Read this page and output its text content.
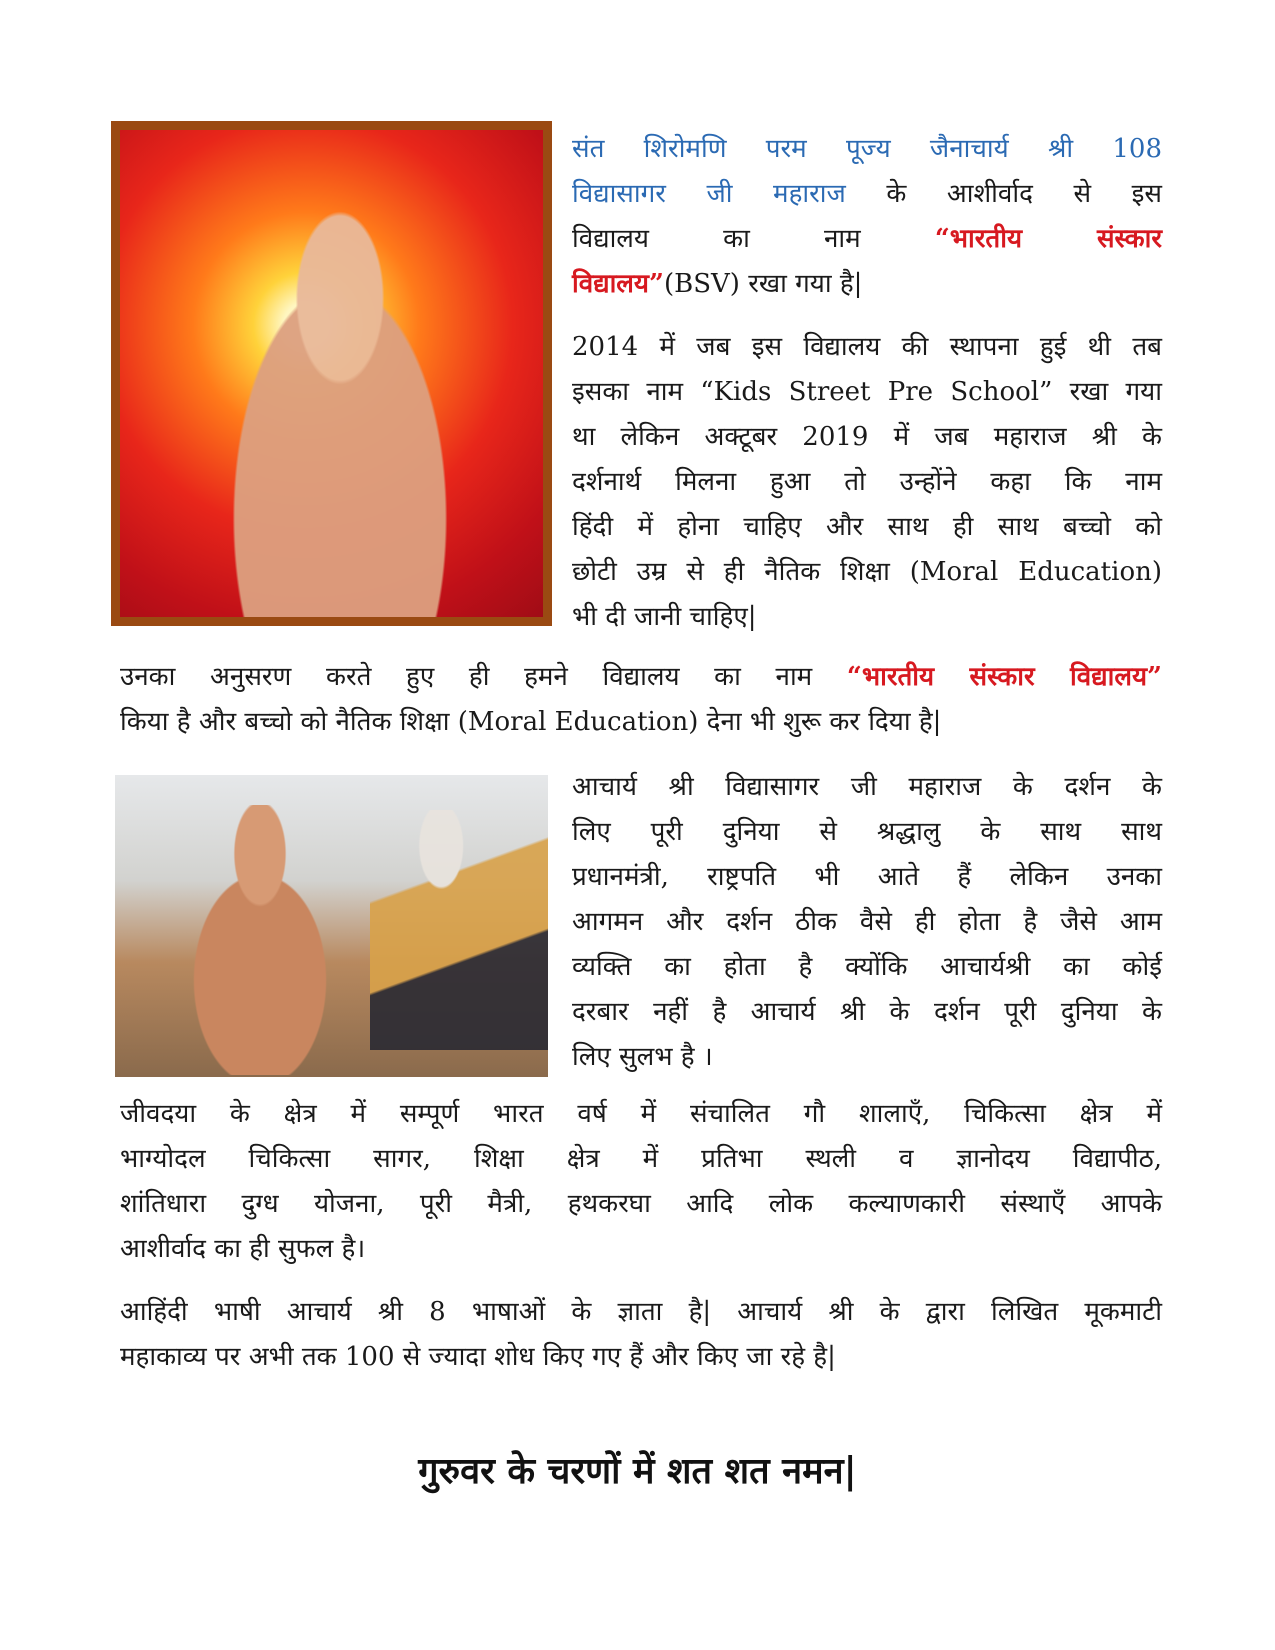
संत शिरोमणि परम पूज्य जैनाचार्य श्री 108
विद्यासागर जी महाराज के आशीर्वाद से इस
विद्यालय का नाम “भारतीय संस्कार
विद्यालय”(BSV) रखा गया है|

2014 में जब इस विद्यालय की स्थापना हुई थी तब
इसका नाम “Kids Street Pre School” रखा गया
था लेकिन अक्टूबर 2019 में जब महाराज श्री के
दर्शनार्थ मिलना हुआ तो उन्होंने कहा कि नाम
हिंदी में होना चाहिए और साथ ही साथ बच्चो को
छोटी उम्र से ही नैतिक शिक्षा (Moral Education)
भी दी जानी चाहिए|

उनका अनुसरण करते हुए ही हमने विद्यालय का नाम “भारतीय संस्कार विद्यालय”
किया है और बच्चो को नैतिक शिक्षा (Moral Education) देना भी शुरू कर दिया है|

आचार्य श्री विद्यासागर जी महाराज के दर्शन के
लिए पूरी दुनिया से श्रद्धालु के साथ साथ
प्रधानमंत्री, राष्ट्रपति भी आते हैं लेकिन उनका
आगमन और दर्शन ठीक वैसे ही होता है जैसे आम
व्यक्ति का होता है क्योंकि आचार्यश्री का कोई
दरबार नहीं है आचार्य श्री के दर्शन पूरी दुनिया के
लिए सुलभ है ।

जीवदया के क्षेत्र में सम्पूर्ण भारत वर्ष में संचालित गौ शालाएँ, चिकित्सा क्षेत्र में
भाग्योदल चिकित्सा सागर, शिक्षा क्षेत्र में प्रतिभा स्थली व ज्ञानोदय विद्यापीठ,
शांतिधारा दुग्ध योजना, पूरी मैत्री, हथकरघा आदि लोक कल्याणकारी संस्थाएँ आपके
आशीर्वाद का ही सुफल है।

आहिंदी भाषी आचार्य श्री 8 भाषाओं के ज्ञाता है| आचार्य श्री के द्वारा लिखित मूकमाटी
महाकाव्य पर अभी तक 100 से ज्यादा शोध किए गए हैं और किए जा रहे है|

गुरुवर के चरणों में शत शत नमन|
